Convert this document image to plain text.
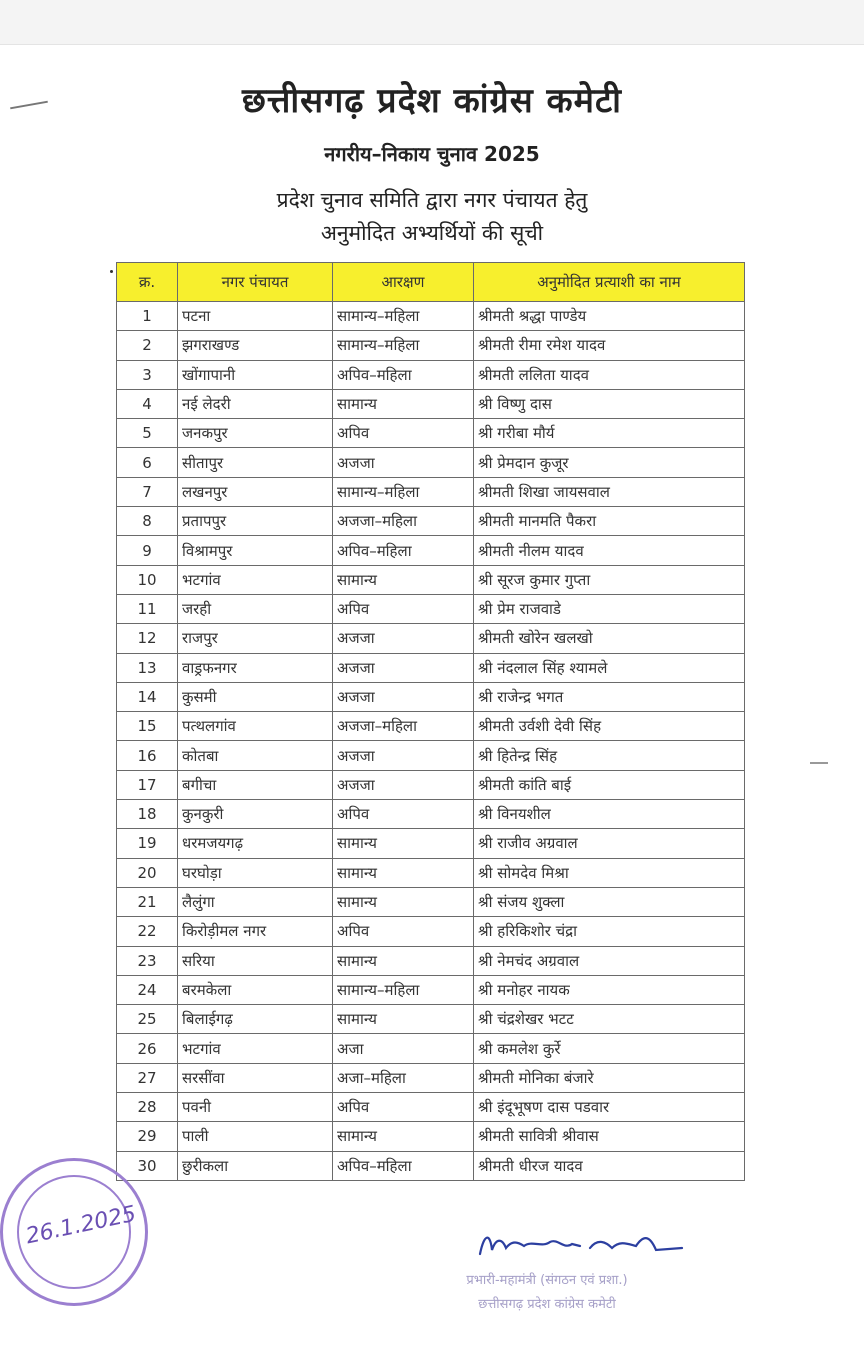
छत्तीसगढ़ प्रदेश कांग्रेस कमेटी
नगरीय–निकाय चुनाव 2025
प्रदेश चुनाव समिति द्वारा नगर पंचायत हेतु
अनुमोदित अभ्यर्थियों की सूची
क्र.	नगर पंचायत	आरक्षण	अनुमोदित प्रत्याशी का नाम
1	पटना	सामान्य–महिला	श्रीमती श्रद्धा पाण्डेय
2	झगराखण्ड	सामान्य–महिला	श्रीमती रीमा रमेश यादव
3	खोंगापानी	अपिव–महिला	श्रीमती ललिता यादव
4	नई लेदरी	सामान्य	श्री विष्णु दास
5	जनकपुर	अपिव	श्री गरीबा मौर्य
6	सीतापुर	अजजा	श्री प्रेमदान कुजूर
7	लखनपुर	सामान्य–महिला	श्रीमती शिखा जायसवाल
8	प्रतापपुर	अजजा–महिला	श्रीमती मानमति पैकरा
9	विश्रामपुर	अपिव–महिला	श्रीमती नीलम यादव
10	भटगांव	सामान्य	श्री सूरज कुमार गुप्ता
11	जरही	अपिव	श्री प्रेम राजवाडे
12	राजपुर	अजजा	श्रीमती खोरेन खलखो
13	वाड्रफनगर	अजजा	श्री नंदलाल सिंह श्यामले
14	कुसमी	अजजा	श्री राजेन्द्र भगत
15	पत्थलगांव	अजजा–महिला	श्रीमती उर्वशी देवी सिंह
16	कोतबा	अजजा	श्री हितेन्द्र सिंह
17	बगीचा	अजजा	श्रीमती कांति बाई
18	कुनकुरी	अपिव	श्री विनयशील
19	धरमजयगढ़	सामान्य	श्री राजीव अग्रवाल
20	घरघोड़ा	सामान्य	श्री सोमदेव मिश्रा
21	लैलुंगा	सामान्य	श्री संजय शुक्ला
22	किरोड़ीमल नगर	अपिव	श्री हरिकिशोर चंद्रा
23	सरिया	सामान्य	श्री नेमचंद अग्रवाल
24	बरमकेला	सामान्य–महिला	श्री मनोहर नायक
25	बिलाईगढ़	सामान्य	श्री चंद्रशेखर भटट
26	भटगांव	अजा	श्री कमलेश कुर्रे
27	सरसींवा	अजा–महिला	श्रीमती मोनिका बंजारे
28	पवनी	अपिव	श्री इंदूभूषण दास पडवार
29	पाली	सामान्य	श्रीमती सावित्री श्रीवास
30	छुरीकला	अपिव–महिला	श्रीमती धीरज यादव
26.1.2025
प्रभारी-महामंत्री (संगठन एवं प्रशा.)
छत्तीसगढ़ प्रदेश कांग्रेस कमेटी
